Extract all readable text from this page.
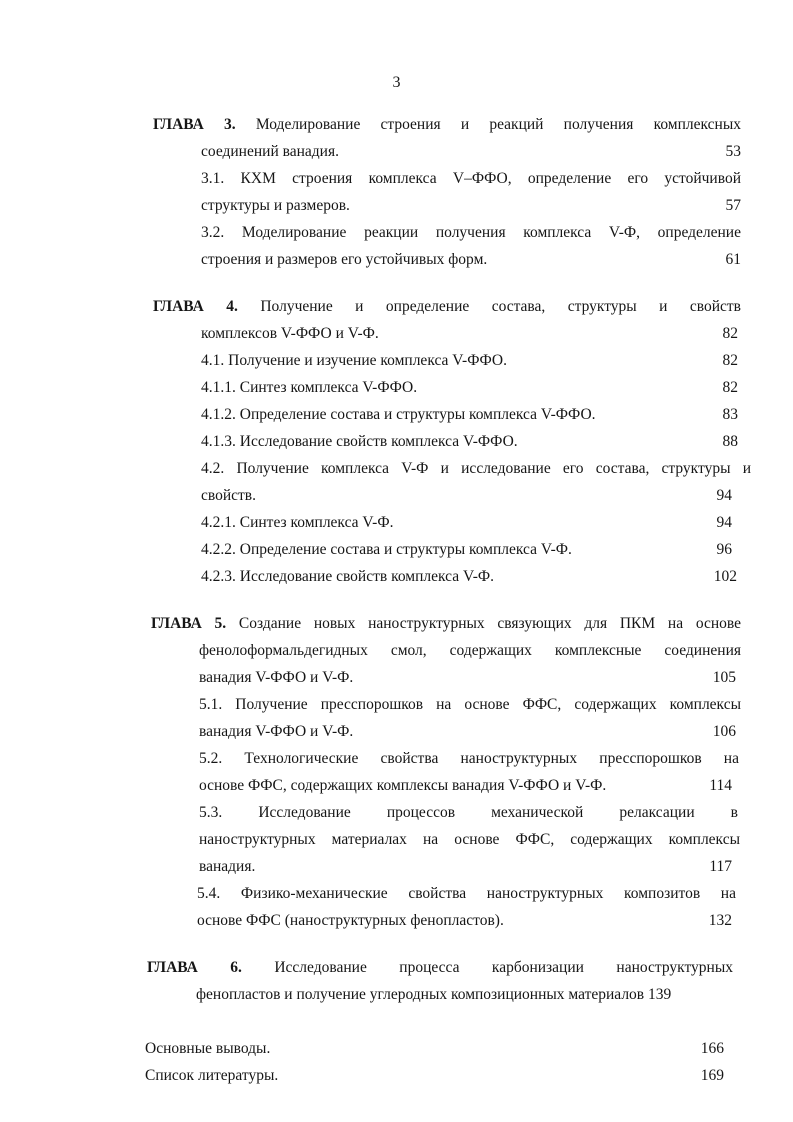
3
ГЛАВА 3. Моделирование строения и реакций получения комплексных
соединений ванадия.	53
3.1. КХМ строения комплекса V–ФФО, определение его устойчивой
структуры и размеров.	57
3.2. Моделирование реакции получения комплекса V-Ф, определение
строения и размеров его устойчивых форм.	61
ГЛАВА 4. Получение и определение состава, структуры и свойств
комплексов V-ФФО и V-Ф.	82
4.1. Получение и изучение комплекса V-ФФО.	82
4.1.1. Синтез комплекса V-ФФО.	82
4.1.2. Определение состава и структуры комплекса V-ФФО.	83
4.1.3. Исследование свойств комплекса V-ФФО.	88
4.2. Получение комплекса V-Ф и исследование его состава, структуры и
свойств.	94
4.2.1. Синтез комплекса V-Ф.	94
4.2.2. Определение состава и структуры комплекса V-Ф.	96
4.2.3. Исследование свойств комплекса V-Ф.	102
ГЛАВА 5. Создание новых наноструктурных связующих для ПКМ на основе
фенолоформальдегидных смол, содержащих комплексные соединения
ванадия V-ФФО и V-Ф.	105
5.1. Получение пресспорошков на основе ФФС, содержащих комплексы
ванадия V-ФФО и V-Ф.	106
5.2. Технологические свойства наноструктурных пресспорошков на
основе ФФС, содержащих комплексы ванадия V-ФФО и V-Ф.	114
5.3. Исследование процессов механической релаксации в
наноструктурных материалах на основе ФФС, содержащих комплексы
ванадия.	117
5.4. Физико-механические свойства наноструктурных композитов на
основе ФФС (наноструктурных фенопластов).	132
ГЛАВА 6. Исследование процесса карбонизации наноструктурных
фенопластов и получение углеродных композиционных материалов 139
Основные выводы.	166
Список литературы.	169
